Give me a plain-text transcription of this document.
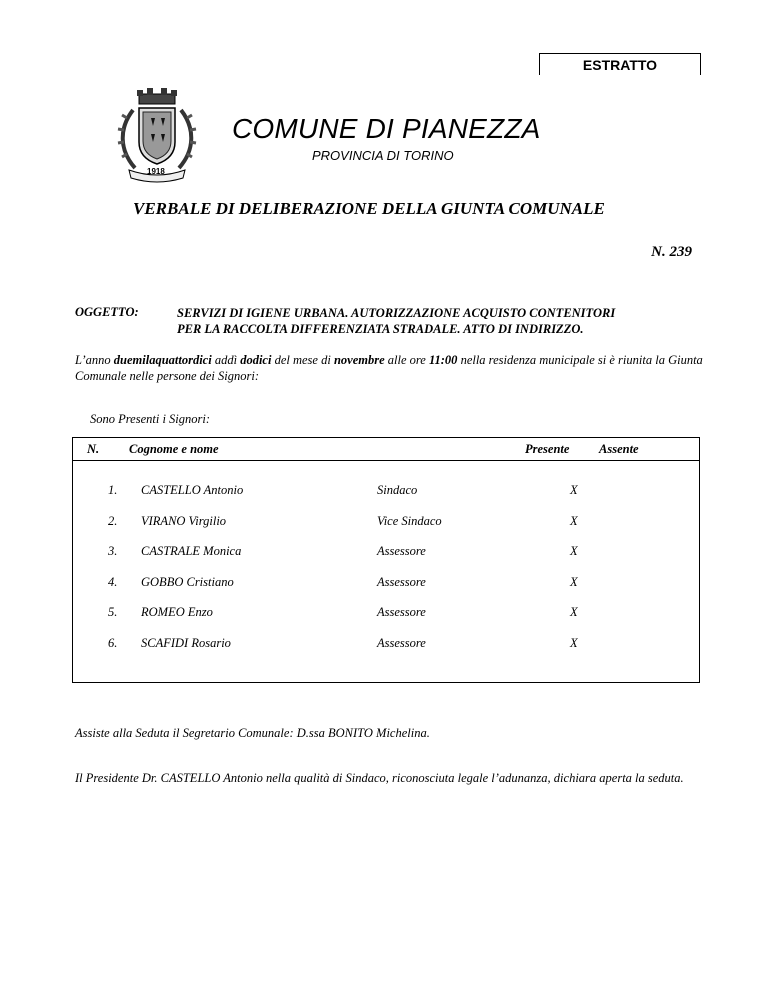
ESTRATTO
1918
COMUNE DI PIANEZZA
PROVINCIA DI TORINO
VERBALE DI DELIBERAZIONE DELLA GIUNTA COMUNALE
N. 239
OGGETTO:	SERVIZI DI IGIENE URBANA. AUTORIZZAZIONE ACQUISTO CONTENITORI
PER LA RACCOLTA DIFFERENZIATA STRADALE. ATTO DI INDIRIZZO.
L’anno duemilaquattordici addì dodici del mese di novembre alle ore 11:00 nella residenza municipale si è riunita la Giunta Comunale nelle persone dei Signori:
Sono Presenti i Signori:
N. Cognome e nome	Presente Assente
1. CASTELLO Antonio	Sindaco	X
2. VIRANO Virgilio	Vice Sindaco	X
3. CASTRALE Monica	Assessore	X
4. GOBBO Cristiano	Assessore	X
5. ROMEO Enzo	Assessore	X
6. SCAFIDI Rosario	Assessore	X
Assiste alla Seduta il Segretario Comunale: D.ssa BONITO Michelina.
Il Presidente Dr. CASTELLO Antonio nella qualità di Sindaco, riconosciuta legale l’adunanza, dichiara aperta la seduta.
